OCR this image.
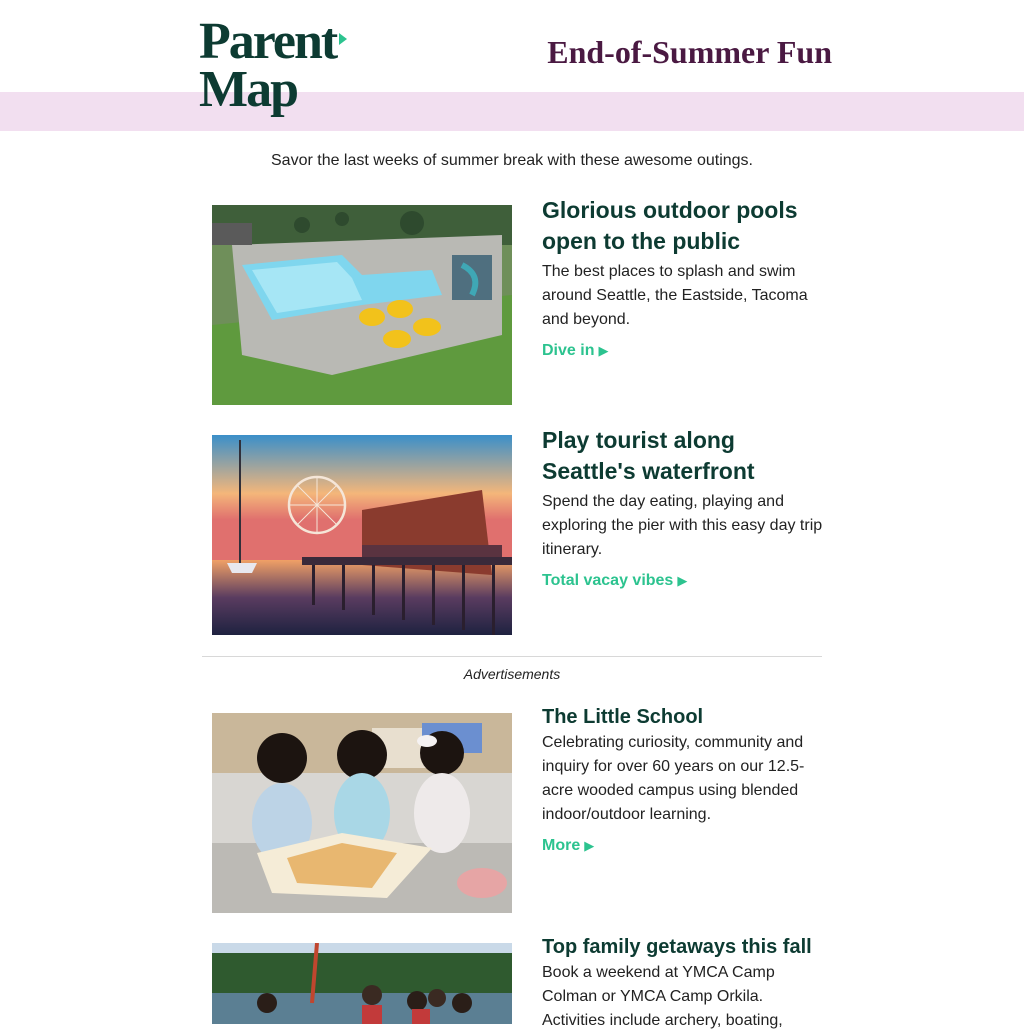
Parent
Map
End-of-Summer Fun
Savor the last weeks of summer break with these awesome outings.
Glorious outdoor pools open to the public

The best places to splash and swim around Seattle, the Eastside, Tacoma and beyond.

Dive in ▶
Play tourist along Seattle's waterfront

Spend the day eating, playing and exploring the pier with this easy day trip itinerary.

Total vacay vibes ▶
Advertisements
The Little School

Celebrating curiosity, community and inquiry for over 60 years on our 12.5-acre wooded campus using blended indoor/outdoor learning.

More ▶
Top family getaways this fall

Book a weekend at YMCA Camp Colman or YMCA Camp Orkila. Activities include archery, boating,
